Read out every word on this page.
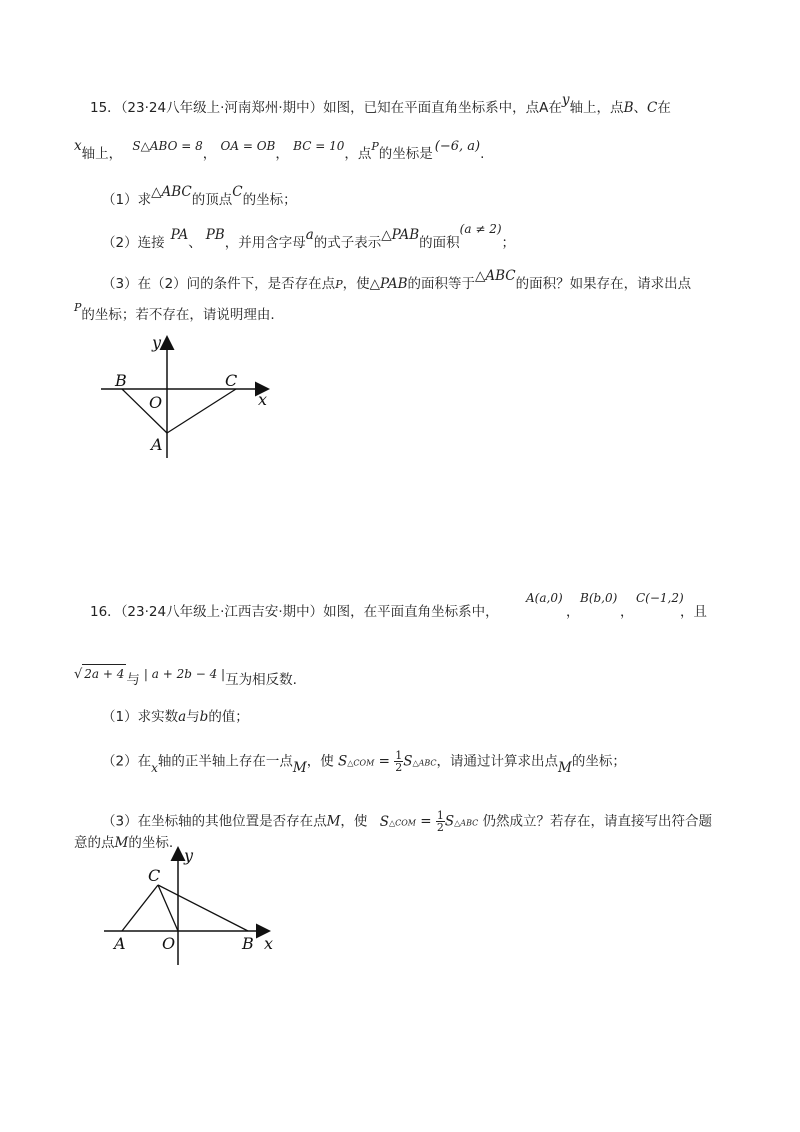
15．（23·24八年级上·河南郑州·期中）如图，已知在平面直角坐标系中，点A在y轴上，点B、C在
x轴上， S△ABO = 8， OA = OB， BC = 10，点$^P$的坐标是 (−6, a).
（1）求△ABC的顶点C的坐标；
（2）连接 PA、 PB，并用含字母a的式子表示△PAB的面积(a ≠ 2)；
（3）在（2）问的条件下，是否存在点P，使△PAB的面积等于△ABC的面积？如果存在，请求出点
$^P$的坐标；若不存在，请说明理由.
y
B	C
O	x
A
16．（23·24八年级上·江西吉安·期中）如图，在平面直角坐标系中，
A(a,0)
，
B(b,0)
，
C(−1,2)
，且
√ 2a + 4 与 | a + 2b − 4 |互为相反数.
（1）求实数a与b的值；
（2）在x轴的正半轴上存在一点M，使 S△COM = $\frac{1}{2}$ S△ABC，请通过计算求出点M的坐标；
（3）在坐标轴的其他位置是否存在点M，使 S△COM = $\frac{1}{2}$ S△ABC 仍然成立？若存在，请直接写出符合题
意的点M的坐标.
y
C
A O	B x
